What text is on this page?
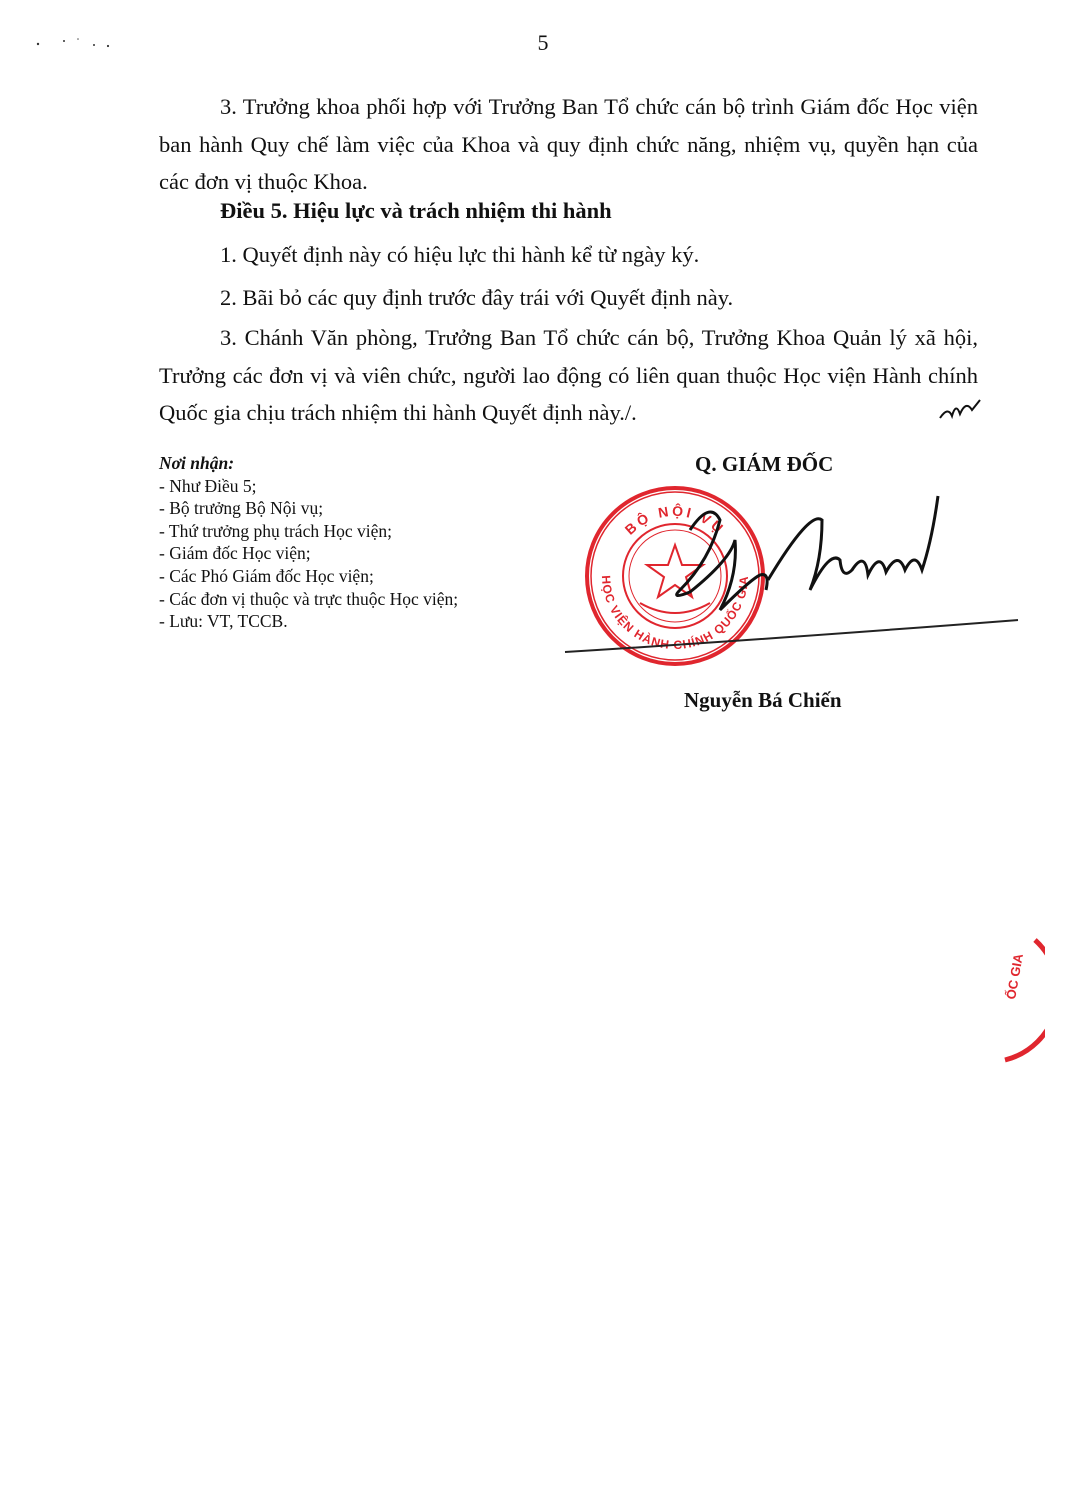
5

3. Trưởng khoa phối hợp với Trưởng Ban Tổ chức cán bộ trình Giám đốc Học viện ban hành Quy chế làm việc của Khoa và quy định chức năng, nhiệm vụ, quyền hạn của các đơn vị thuộc Khoa.

Điều 5. Hiệu lực và trách nhiệm thi hành

1. Quyết định này có hiệu lực thi hành kể từ ngày ký.

2. Bãi bỏ các quy định trước đây trái với Quyết định này.

3. Chánh Văn phòng, Trưởng Ban Tổ chức cán bộ, Trưởng Khoa Quản lý xã hội, Trưởng các đơn vị và viên chức, người lao động có liên quan thuộc Học viện Hành chính Quốc gia chịu trách nhiệm thi hành Quyết định này./.

Nơi nhận:
- Như Điều 5;
- Bộ trưởng Bộ Nội vụ;
- Thứ trưởng phụ trách Học viện;
- Giám đốc Học viện;
- Các Phó Giám đốc Học viện;
- Các đơn vị thuộc và trực thuộc Học viện;
- Lưu: VT, TCCB.
Q. GIÁM ĐỐC
BỘ NỘI VỤ
HỌC VIỆN HÀNH CHÍNH QUỐC GIA
Nguyễn Bá Chiến
ỐC GIA
